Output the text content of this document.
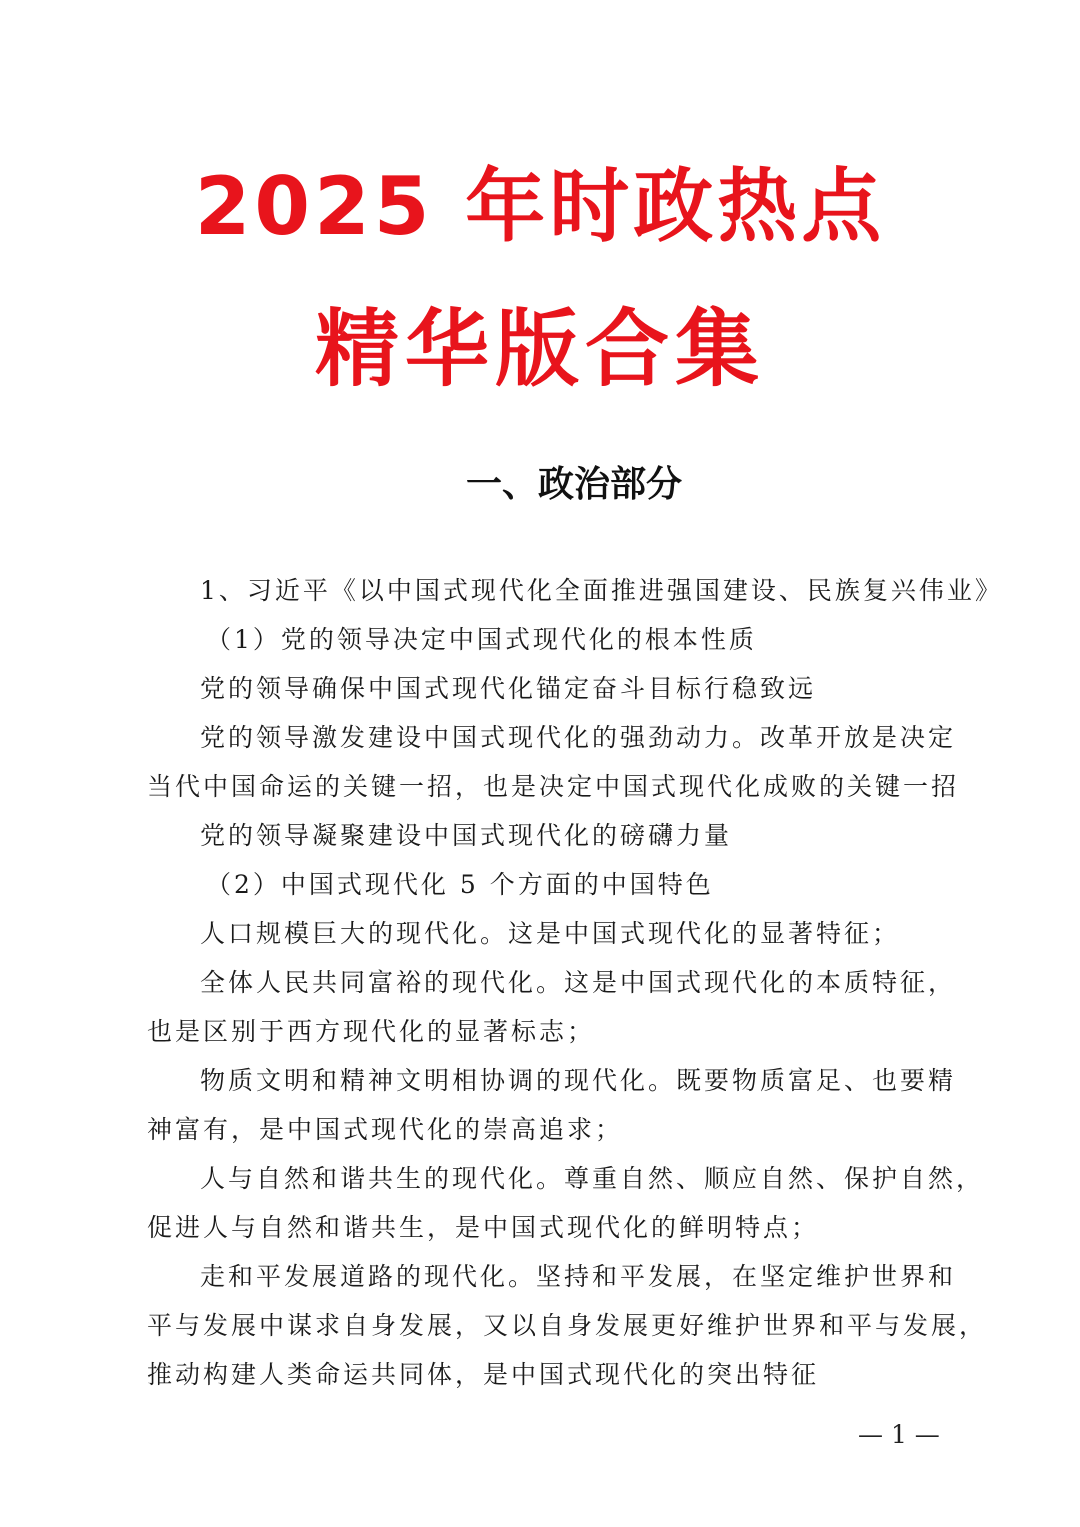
2025 年时政热点
精华版合集
一、政治部分
1、习近平《以中国式现代化全面推进强国建设、民族复兴伟业》
（1）党的领导决定中国式现代化的根本性质
党的领导确保中国式现代化锚定奋斗目标行稳致远
党的领导激发建设中国式现代化的强劲动力。改革开放是决定
当代中国命运的关键一招，也是决定中国式现代化成败的关键一招
党的领导凝聚建设中国式现代化的磅礴力量
（2）中国式现代化 5 个方面的中国特色
人口规模巨大的现代化。这是中国式现代化的显著特征；
全体人民共同富裕的现代化。这是中国式现代化的本质特征，
也是区别于西方现代化的显著标志；
物质文明和精神文明相协调的现代化。既要物质富足、也要精
神富有，是中国式现代化的崇高追求；
人与自然和谐共生的现代化。尊重自然、顺应自然、保护自然，
促进人与自然和谐共生，是中国式现代化的鲜明特点；
走和平发展道路的现代化。坚持和平发展，在坚定维护世界和
平与发展中谋求自身发展，又以自身发展更好维护世界和平与发展，
推动构建人类命运共同体，是中国式现代化的突出特征
— 1 —
